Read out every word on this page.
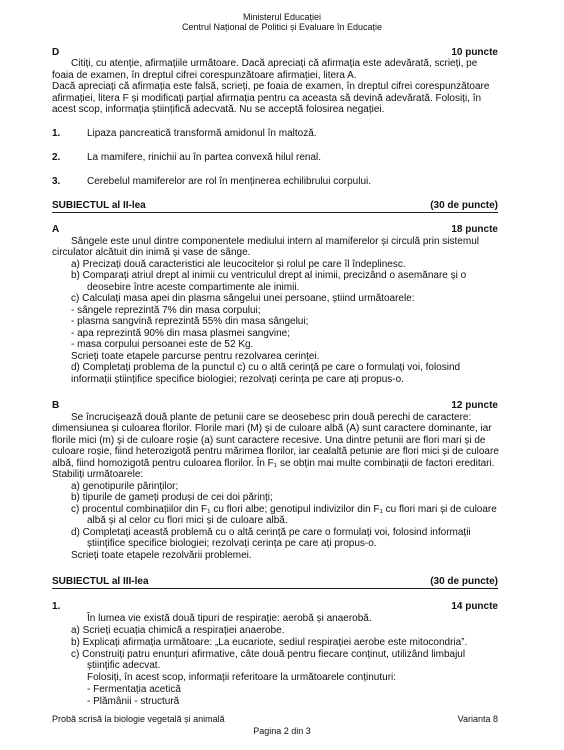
Ministerul Educației
Centrul Național de Politici și Evaluare în Educație
D	10 puncte
Citiți, cu atenție, afirmațiile următoare. Dacă apreciați că afirmația este adevărată, scrieți, pe
foaia de examen, în dreptul cifrei corespunzătoare afirmației, litera A.
Dacă apreciați că afirmația este falsă, scrieți, pe foaia de examen, în dreptul cifrei corespunzătoare
afirmației, litera F și modificați parțial afirmația pentru ca aceasta să devină adevărată. Folosiți, în
acest scop, informația științifică adecvată. Nu se acceptă folosirea negației.
1.	Lipaza pancreatică transformă amidonul în maltoză.
2.	La mamifere, rinichii au în partea convexă hilul renal.
3.	Cerebelul mamiferelor are rol în menținerea echilibrului corpului.
SUBIECTUL al II-lea	(30 de puncte)
A	18 puncte
Sângele este unul dintre componentele mediului intern al mamiferelor și circulă prin sistemul
circulator alcătuit din inimă și vase de sânge.
a) Precizați două caracteristici ale leucocitelor și rolul pe care îl îndeplinesc.
b) Comparați atriul drept al inimii cu ventriculul drept al inimii, precizând o asemănare și o
deosebire între aceste compartimente ale inimii.
c) Calculați masa apei din plasma sângelui unei persoane, știind următoarele:
- sângele reprezintă 7% din masa corpului;
- plasma sangvină reprezintă 55% din masa sângelui;
- apa reprezintă 90% din masa plasmei sangvine;
- masa corpului persoanei este de 52 Kg.
Scrieți toate etapele parcurse pentru rezolvarea cerinței.
d) Completați problema de la punctul c) cu o altă cerință pe care o formulați voi, folosind
informații științifice specifice biologiei; rezolvați cerința pe care ați propus-o.
B	12 puncte
Se încrucișează două plante de petunii care se deosebesc prin două perechi de caractere:
dimensiunea și culoarea florilor. Florile mari (M) și de culoare albă (A) sunt caractere dominante, iar
florile mici (m) și de culoare roșie (a) sunt caractere recesive. Una dintre petunii are flori mari și de
culoare roșie, fiind heterozigotă pentru mărimea florilor, iar cealaltă petunie are flori mici și de culoare
albă, fiind homozigotă pentru culoarea florilor. În F₁ se obțin mai multe combinații de factori ereditari.
Stabiliți următoarele:
a) genotipurile părinților;
b) tipurile de gameți produși de cei doi părinți;
c) procentul combinațiilor din F₁ cu flori albe; genotipul indivizilor din F₁ cu flori mari și de culoare
albă și al celor cu flori mici și de culoare albă.
d) Completați această problemă cu o altă cerință pe care o formulați voi, folosind informații
științifice specifice biologiei; rezolvați cerința pe care ați propus-o.
Scrieți toate etapele rezolvării problemei.
SUBIECTUL al III-lea	(30 de puncte)
1.	14 puncte
În lumea vie există două tipuri de respirație: aerobă și anaerobă.
a) Scrieți ecuația chimică a respirației anaerobe.
b) Explicați afirmația următoare: „La eucariote, sediul respirației aerobe este mitocondria”.
c) Construiți patru enunțuri afirmative, câte două pentru fiecare conținut, utilizând limbajul
științific adecvat.
Folosiți, în acest scop, informații referitoare la următoarele conținuturi:
- Fermentația acetică
- Plămânii - structură
Probă scrisă la biologie vegetală și animală	Varianta 8
Pagina 2 din 3
